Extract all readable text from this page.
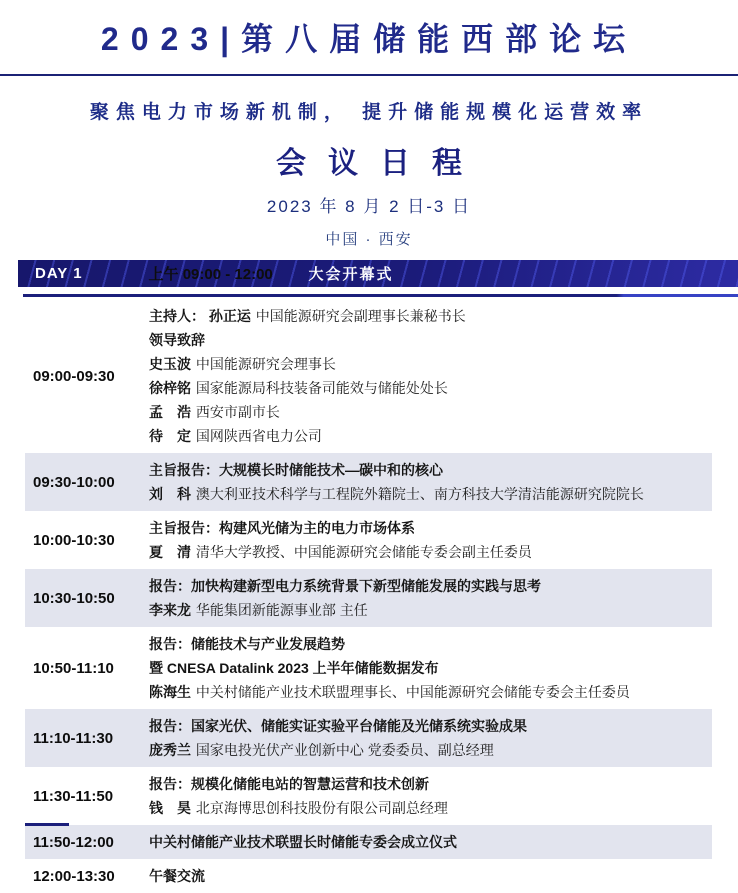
2023|第八届储能西部论坛
聚焦电力市场新机制， 提升储能规模化运营效率
会议日程
2023 年 8 月 2 日-3 日
中国 · 西安
DAY 1	上午 09:00 - 12:00 大会开幕式
09:00-09:30
主持人： 孙正运 中国能源研究会副理事长兼秘书长
领导致辞
史玉波 中国能源研究会理事长
徐梓铭 国家能源局科技装备司能效与储能处处长
孟　浩 西安市副市长
待　定 国网陕西省电力公司
09:30-10:00
主旨报告：大规模长时储能技术—碳中和的核心
刘　科 澳大利亚技术科学与工程院外籍院士、南方科技大学清洁能源研究院院长
10:00-10:30
主旨报告：构建风光储为主的电力市场体系
夏　清 清华大学教授、中国能源研究会储能专委会副主任委员
10:30-10:50
报告：加快构建新型电力系统背景下新型储能发展的实践与思考
李来龙 华能集团新能源事业部 主任
10:50-11:10
报告：储能技术与产业发展趋势
暨 CNESA Datalink 2023 上半年储能数据发布
陈海生 中关村储能产业技术联盟理事长、中国能源研究会储能专委会主任委员
11:10-11:30
报告：国家光伏、储能实证实验平台储能及光储系统实验成果
庞秀兰 国家电投光伏产业创新中心 党委委员、副总经理
11:30-11:50
报告：规模化储能电站的智慧运营和技术创新
钱　昊 北京海博思创科技股份有限公司副总经理
11:50-12:00	中关村储能产业技术联盟长时储能专委会成立仪式
12:00-13:30	午餐交流
